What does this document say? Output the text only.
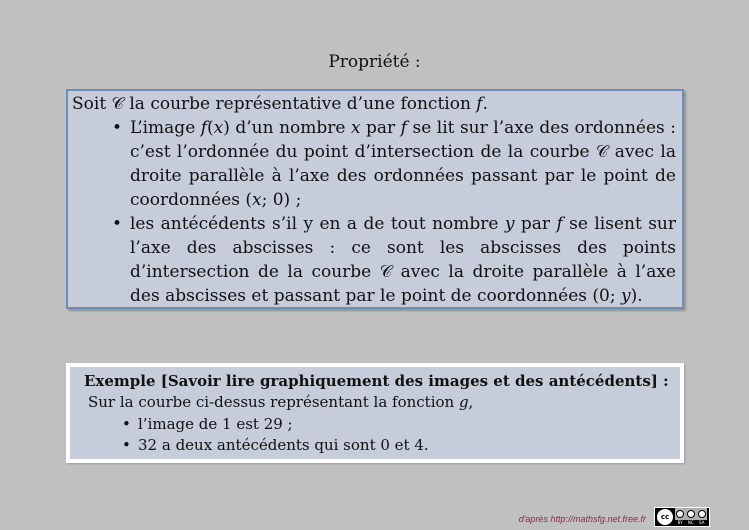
Propriété :
Soit 𝒞 la courbe représentative d’une fonction 𝑓.
• L’image 𝑓(𝑥) d’un nombre 𝑥 par 𝑓 se lit sur l’axe des ordonnées : c’est l’ordonnée du point d’intersection de la courbe 𝒞 avec la droite parallèle à l’axe des ordonnées passant par le point de coordonnées (𝑥; 0) ;
• les antécédents s’il y en a de tout nombre 𝑦 par 𝑓 se lisent sur l’axe des abscisses : ce sont les abscisses des points d’intersection de la courbe 𝒞 avec la droite parallèle à l’axe des abscisses et passant par le point de coordonnées (0; 𝑦).
Exemple [Savoir lire graphiquement des images et des antécédents] :
Sur la courbe ci-dessus représentant la fonction 𝑔,
• l’image de 1 est 29 ;
• 32 a deux antécédents qui sont 0 et 4.
d'après http://mathsfg.net.free.fr	cc
BY NC SA
